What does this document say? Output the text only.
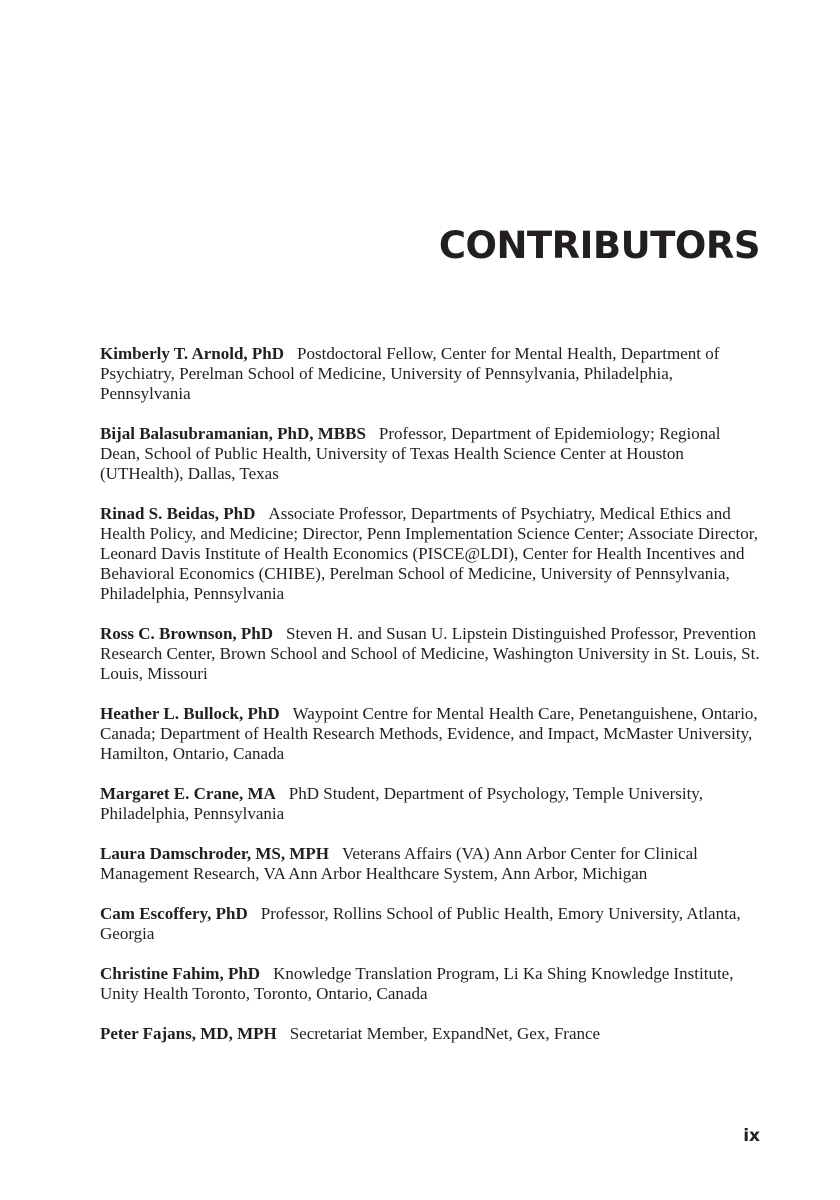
CONTRIBUTORS

Kimberly T. Arnold, PhD Postdoctoral Fellow, Center for Mental Health, Department of Psychiatry, Perelman School of Medicine, University of Pennsylvania, Philadelphia, Pennsylvania

Bijal Balasubramanian, PhD, MBBS Professor, Department of Epidemiology; Regional Dean, School of Public Health, University of Texas Health Science Center at Houston (UTHealth), Dallas, Texas

Rinad S. Beidas, PhD Associate Professor, Departments of Psychiatry, Medical Ethics and Health Policy, and Medicine; Director, Penn Implementation Science Center; Associate Director, Leonard Davis Institute of Health Economics (PISCE@LDI), Center for Health Incentives and Behavioral Economics (CHIBE), Perelman School of Medicine, University of Pennsylvania, Philadelphia, Pennsylvania

Ross C. Brownson, PhD Steven H. and Susan U. Lipstein Distinguished Professor, Prevention Research Center, Brown School and School of Medicine, Washington University in St. Louis, St. Louis, Missouri

Heather L. Bullock, PhD Waypoint Centre for Mental Health Care, Penetanguishene, Ontario, Canada; Department of Health Research Methods, Evidence, and Impact, McMaster University, Hamilton, Ontario, Canada

Margaret E. Crane, MA PhD Student, Department of Psychology, Temple University, Philadelphia, Pennsylvania

Laura Damschroder, MS, MPH Veterans Affairs (VA) Ann Arbor Center for Clinical Management Research, VA Ann Arbor Healthcare System, Ann Arbor, Michigan

Cam Escoffery, PhD Professor, Rollins School of Public Health, Emory University, Atlanta, Georgia

Christine Fahim, PhD Knowledge Translation Program, Li Ka Shing Knowledge Institute, Unity Health Toronto, Toronto, Ontario, Canada

Peter Fajans, MD, MPH Secretariat Member, ExpandNet, Gex, France

ix
